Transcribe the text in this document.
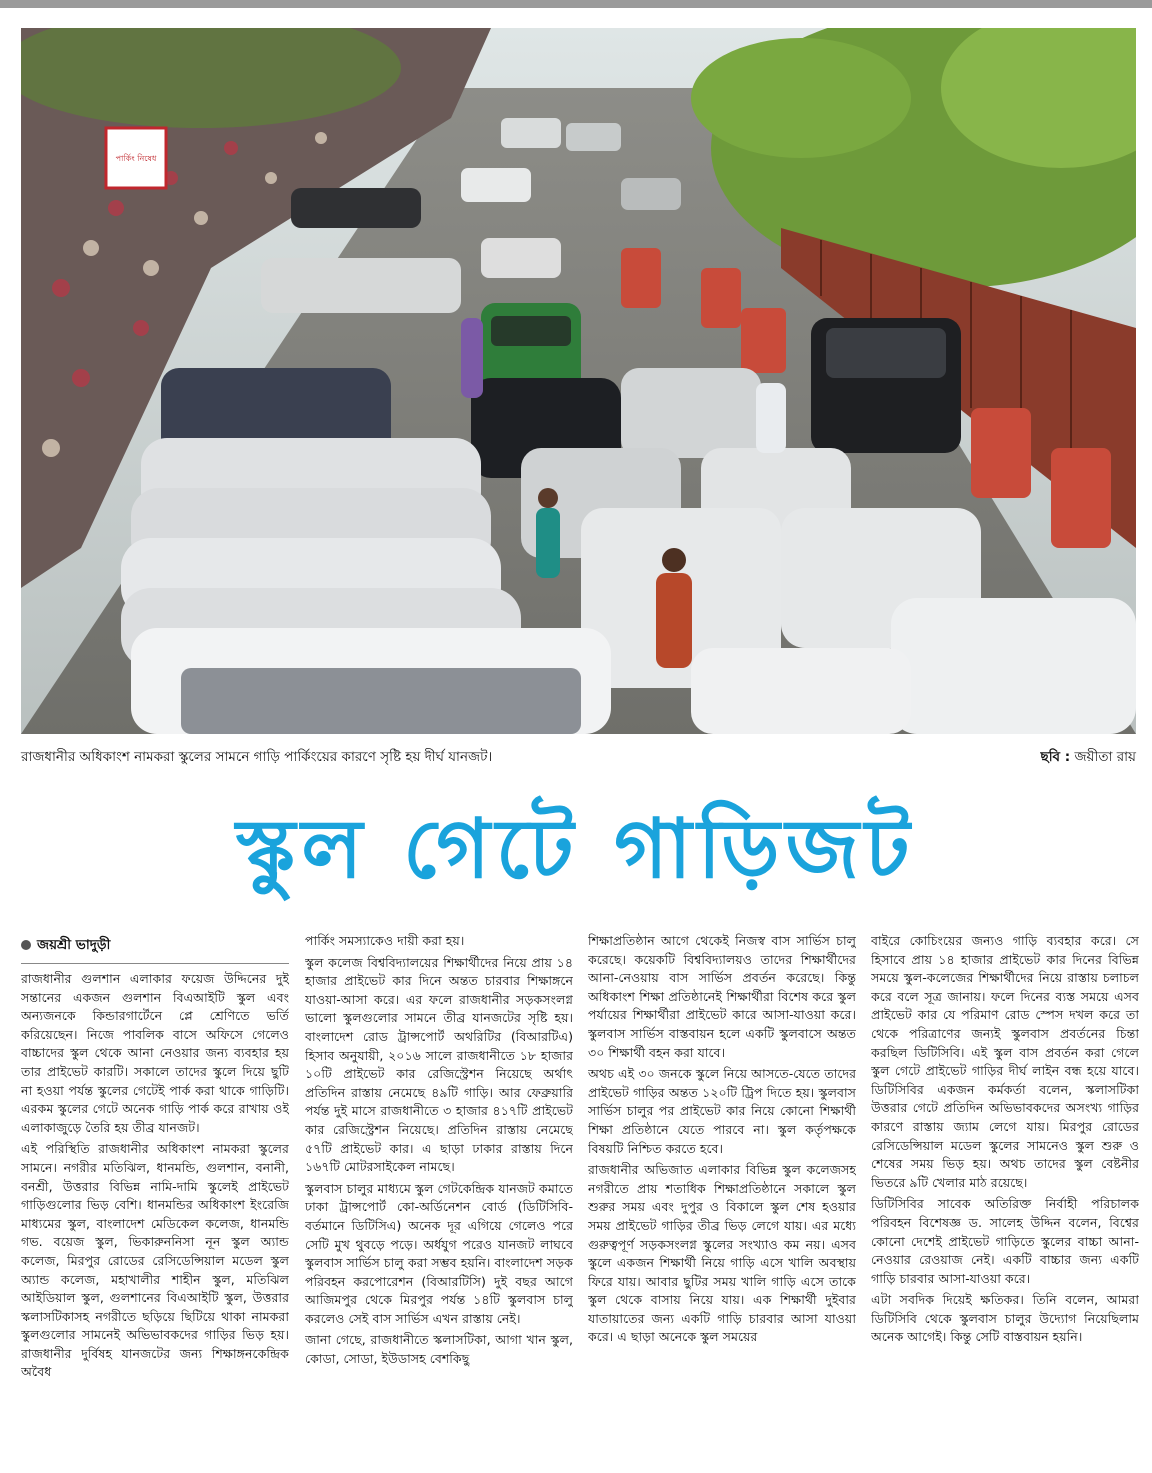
পার্কিং নিষেধ
রাজধানীর অধিকাংশ নামকরা স্কুলের সামনে গাড়ি পার্কিংয়ের কারণে সৃষ্টি হয় দীর্ঘ যানজট।	ছবি : জয়ীতা রায়
স্কুল গেটে গাড়িজট
জয়শ্রী ভাদুড়ী

রাজধানীর গুলশান এলাকার ফয়েজ উদ্দিনের দুই সন্তানের একজন গুলশান বিএআইটি স্কুল এবং অন্যজনকে কিন্ডারগার্টেনে প্লে শ্রেণিতে ভর্তি করিয়েছেন। নিজে পাবলিক বাসে অফিসে গেলেও বাচ্চাদের স্কুল থেকে আনা নেওয়ার জন্য ব্যবহার হয় তার প্রাইভেট কারটি। সকালে তাদের স্কুলে দিয়ে ছুটি না হওয়া পর্যন্ত স্কুলের গেটেই পার্ক করা থাকে গাড়িটি। এরকম স্কুলের গেটে অনেক গাড়ি পার্ক করে রাখায় ওই এলাকাজুড়ে তৈরি হয় তীব্র যানজট।

এই পরিস্থিতি রাজধানীর অধিকাংশ নামকরা স্কুলের সামনে। নগরীর মতিঝিল, ধানমন্ডি, গুলশান, বনানী, বনশ্রী, উত্তরার বিভিন্ন নামি-দামি স্কুলেই প্রাইভেট গাড়িগুলোর ভিড় বেশি। ধানমন্ডির অধিকাংশ ইংরেজি মাধ্যমের স্কুল, বাংলাদেশ মেডিকেল কলেজ, ধানমন্ডি গভ. বয়েজ স্কুল, ভিকারুননিসা নূন স্কুল অ্যান্ড কলেজ, মিরপুর রোডের রেসিডেন্সিয়াল মডেল স্কুল অ্যান্ড কলেজ, মহাখালীর শাহীন স্কুল, মতিঝিল আইডিয়াল স্কুল, গুলশানের বিএআইটি স্কুল, উত্তরার স্কলাসটিকাসহ নগরীতে ছড়িয়ে ছিটিয়ে থাকা নামকরা স্কুলগুলোর সামনেই অভিভাবকদের গাড়ির ভিড় হয়। রাজধানীর দুর্বিষহ যানজটের জন্য শিক্ষাঙ্গনকেন্দ্রিক অবৈধ

পার্কিং সমস্যাকেও দায়ী করা হয়।

স্কুল কলেজ বিশ্ববিদ্যালয়ের শিক্ষার্থীদের নিয়ে প্রায় ১৪ হাজার প্রাইভেট কার দিনে অন্তত চারবার শিক্ষাঙ্গনে যাওয়া-আসা করে। এর ফলে রাজধানীর সড়কসংলগ্ন ভালো স্কুলগুলোর সামনে তীব্র যানজটের সৃষ্টি হয়। বাংলাদেশ রোড ট্রান্সপোর্ট অথরিটির (বিআরটিএ) হিসাব অনুযায়ী, ২০১৬ সালে রাজধানীতে ১৮ হাজার ১০টি প্রাইভেট কার রেজিস্ট্রেশন নিয়েছে অর্থাৎ প্রতিদিন রাস্তায় নেমেছে ৪৯টি গাড়ি। আর ফেব্রুয়ারি পর্যন্ত দুই মাসে রাজধানীতে ৩ হাজার ৪১৭টি প্রাইভেট কার রেজিস্ট্রেশন নিয়েছে। প্রতিদিন রাস্তায় নেমেছে ৫৭টি প্রাইভেট কার। এ ছাড়া ঢাকার রাস্তায় দিনে ১৬৭টি মোটরসাইকেল নামছে।

স্কুলবাস চালুর মাধ্যমে স্কুল গেটকেন্দ্রিক যানজট কমাতে ঢাকা ট্রান্সপোর্ট কো-অর্ডিনেশন বোর্ড (ডিটিসিবি-বর্তমানে ডিটিসিএ) অনেক দূর এগিয়ে গেলেও পরে সেটি মুখ থুবড়ে পড়ে। অর্ধযুগ পরেও যানজট লাঘবে স্কুলবাস সার্ভিস চালু করা সম্ভব হয়নি। বাংলাদেশ সড়ক পরিবহন করপোরেশন (বিআরটিসি) দুই বছর আগে আজিমপুর থেকে মিরপুর পর্যন্ত ১৪টি স্কুলবাস চালু করলেও সেই বাস সার্ভিস এখন রাস্তায় নেই।

জানা গেছে, রাজধানীতে স্কলাসটিকা, আগা খান স্কুল, কোডা, সোডা, ইউডাসহ বেশকিছু

শিক্ষাপ্রতিষ্ঠান আগে থেকেই নিজস্ব বাস সার্ভিস চালু করেছে। কয়েকটি বিশ্ববিদ্যালয়ও তাদের শিক্ষার্থীদের আনা-নেওয়ায় বাস সার্ভিস প্রবর্তন করেছে। কিন্তু অধিকাংশ শিক্ষা প্রতিষ্ঠানেই শিক্ষার্থীরা বিশেষ করে স্কুল পর্যায়ের শিক্ষার্থীরা প্রাইভেট কারে আসা-যাওয়া করে। স্কুলবাস সার্ভিস বাস্তবায়ন হলে একটি স্কুলবাসে অন্তত ৩০ শিক্ষার্থী বহন করা যাবে।

অথচ এই ৩০ জনকে স্কুলে নিয়ে আসতে-যেতে তাদের প্রাইভেট গাড়ির অন্তত ১২০টি ট্রিপ দিতে হয়। স্কুলবাস সার্ভিস চালুর পর প্রাইভেট কার নিয়ে কোনো শিক্ষার্থী শিক্ষা প্রতিষ্ঠানে যেতে পারবে না। স্কুল কর্তৃপক্ষকে বিষয়টি নিশ্চিত করতে হবে।

রাজধানীর অভিজাত এলাকার বিভিন্ন স্কুল কলেজসহ নগরীতে প্রায় শতাধিক শিক্ষাপ্রতিষ্ঠানে সকালে স্কুল শুরুর সময় এবং দুপুর ও বিকালে স্কুল শেষ হওয়ার সময় প্রাইভেট গাড়ির তীব্র ভিড় লেগে যায়। এর মধ্যে গুরুত্বপূর্ণ সড়কসংলগ্ন স্কুলের সংখ্যাও কম নয়। এসব স্কুলে একজন শিক্ষার্থী নিয়ে গাড়ি এসে খালি অবস্থায় ফিরে যায়। আবার ছুটির সময় খালি গাড়ি এসে তাকে স্কুল থেকে বাসায় নিয়ে যায়। এক শিক্ষার্থী দুইবার যাতায়াতের জন্য একটি গাড়ি চারবার আসা যাওয়া করে। এ ছাড়া অনেকে স্কুল সময়ের

বাইরে কোচিংয়ের জন্যও গাড়ি ব্যবহার করে। সে হিসাবে প্রায় ১৪ হাজার প্রাইভেট কার দিনের বিভিন্ন সময়ে স্কুল-কলেজের শিক্ষার্থীদের নিয়ে রাস্তায় চলাচল করে বলে সূত্র জানায়। ফলে দিনের ব্যস্ত সময়ে এসব প্রাইভেট কার যে পরিমাণ রোড স্পেস দখল করে তা থেকে পরিত্রাণের জন্যই স্কুলবাস প্রবর্তনের চিন্তা করছিল ডিটিসিবি। এই স্কুল বাস প্রবর্তন করা গেলে স্কুল গেটে প্রাইভেট গাড়ির দীর্ঘ লাইন বন্ধ হয়ে যাবে। ডিটিসিবির একজন কর্মকর্তা বলেন, স্কলাসটিকা উত্তরার গেটে প্রতিদিন অভিভাবকদের অসংখ্য গাড়ির কারণে রাস্তায় জ্যাম লেগে যায়। মিরপুর রোডের রেসিডেন্সিয়াল মডেল স্কুলের সামনেও স্কুল শুরু ও শেষের সময় ভিড় হয়। অথচ তাদের স্কুল বেষ্টনীর ভিতরে ৯টি খেলার মাঠ রয়েছে।

ডিটিসিবির সাবেক অতিরিক্ত নির্বাহী পরিচালক পরিবহন বিশেষজ্ঞ ড. সালেহ উদ্দিন বলেন, বিশ্বের কোনো দেশেই প্রাইভেট গাড়িতে স্কুলের বাচ্চা আনা-নেওয়ার রেওয়াজ নেই। একটি বাচ্চার জন্য একটি গাড়ি চারবার আসা-যাওয়া করে।

এটা সবদিক দিয়েই ক্ষতিকর। তিনি বলেন, আমরা ডিটিসিবি থেকে স্কুলবাস চালুর উদ্যোগ নিয়েছিলাম অনেক আগেই। কিন্তু সেটি বাস্তবায়ন হয়নি।
